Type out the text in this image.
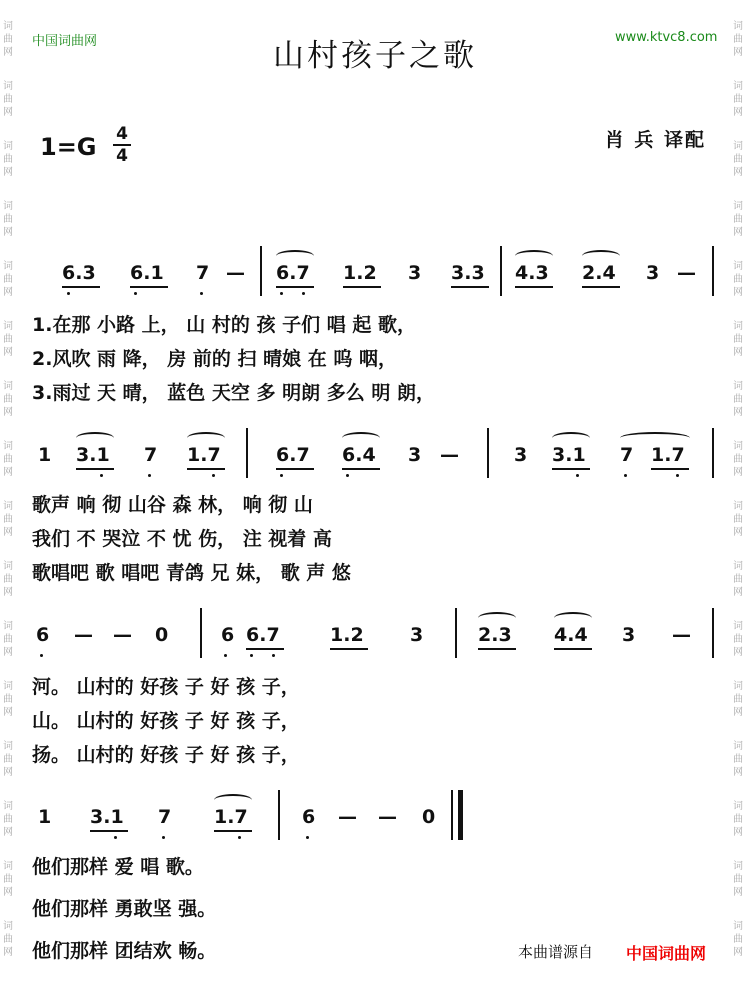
词
曲
网
词
曲
网
词
曲
网
词
曲
网
词
曲
网
词
曲
网
词
曲
网
词
曲
网
词
曲
网
词
曲
网
词
曲
网
词
曲
网
词
曲
网
词
曲
网
词
曲
网
词
曲
网
词
曲
网
词
曲
网
词
曲
网
词
曲
网
词
曲
网
词
曲
网
词
曲
网
词
曲
网
词
曲
网
词
曲
网
词
曲
网
词
曲
网
词
曲
网
词
曲
网
词
曲
网
词
曲
网
中国词曲网	www.ktvc8.com
山村孩子之歌
1=G 4
4
肖 兵 译配
6.3 6.1 7 — 6.7 1.2 3 3.3 4.3 2.4 3 —
1.在那 小路 上， 山 村的 孩 子们 唱 起 歌，
2.风吹 雨 降， 房 前的 扫 晴娘 在 呜 咽，
3.雨过 天 晴， 蓝色 天空 多 明朗 多么 明 朗，
1 3.1 7 1.7	6.7 6.4 3 —	3 3.1 7 1.7
歌声 响 彻 山谷 森 林， 响 彻 山
我们 不 哭泣 不 忧 伤， 注 视着 高
歌唱吧 歌 唱吧 青鸽 兄 妹， 歌 声 悠
6 — — 0	6 6.7	1.2 3	2.3 4.4 3 —
河。 山村的 好孩 子 好 孩 子，
山。 山村的 好孩 子 好 孩 子，
扬。 山村的 好孩 子 好 孩 子，
1 3.1 7 1.7	6 — — 0
他们那样 爱 唱 歌。
他们那样 勇敢坚 强。
他们那样 团结欢 畅。	本曲谱源自 中国词曲网
